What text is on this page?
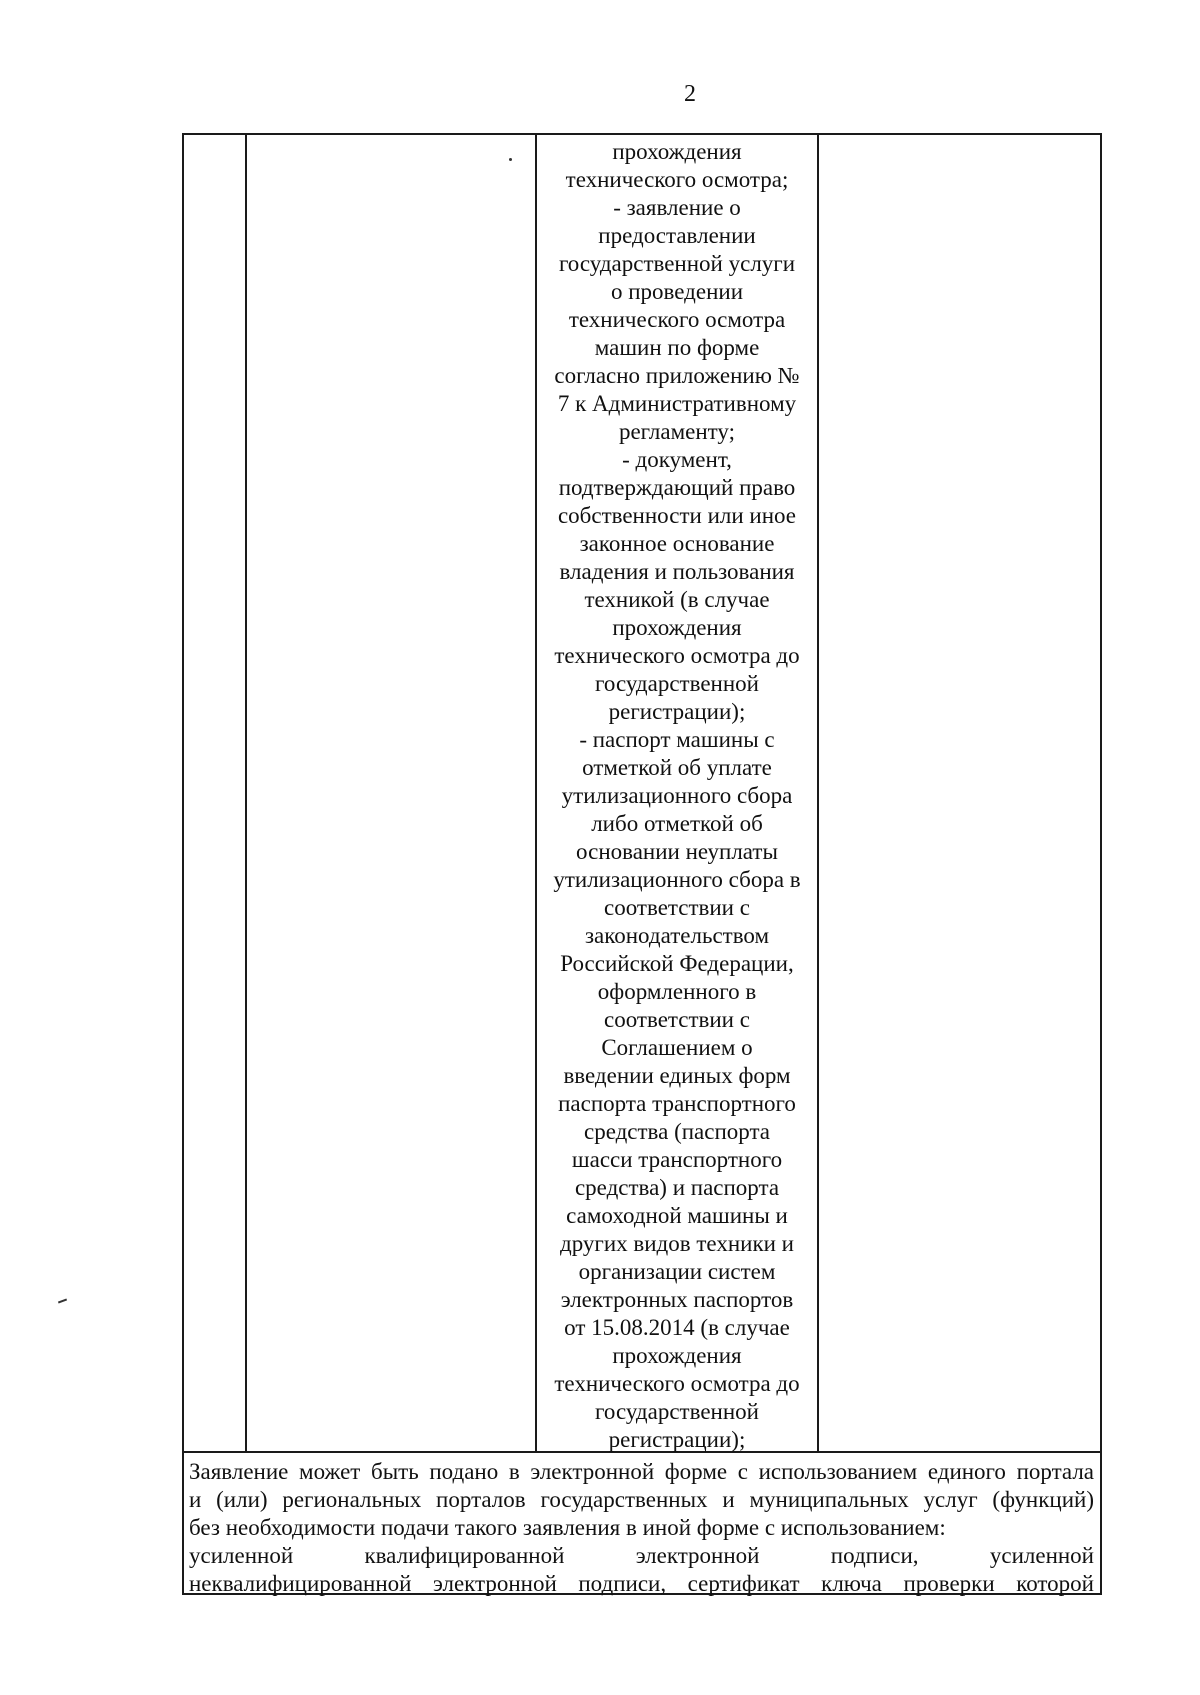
2
прохождения
технического осмотра;
- заявление о
предоставлении
государственной услуги
о проведении
технического осмотра
машин по форме
согласно приложению №
7 к Административному
регламенту;
- документ,
подтверждающий право
собственности или иное
законное основание
владения и пользования
техникой (в случае
прохождения
технического осмотра до
государственной
регистрации);
- паспорт машины с
отметкой об уплате
утилизационного сбора
либо отметкой об
основании неуплаты
утилизационного сбора в
соответствии с
законодательством
Российской Федерации,
оформленного в
соответствии с
Соглашением о
введении единых форм
паспорта транспортного
средства (паспорта
шасси транспортного
средства) и паспорта
самоходной машины и
других видов техники и
организации систем
электронных паспортов
от 15.08.2014 (в случае
прохождения
технического осмотра до
государственной
регистрации);
Заявление может быть подано в электронной форме с использованием единого портала
и (или) региональных порталов государственных и муниципальных услуг (функций)
без необходимости подачи такого заявления в иной форме с использованием:
усиленной квалифицированной электронной подписи, усиленной
неквалифицированной электронной подписи, сертификат ключа проверки которой
